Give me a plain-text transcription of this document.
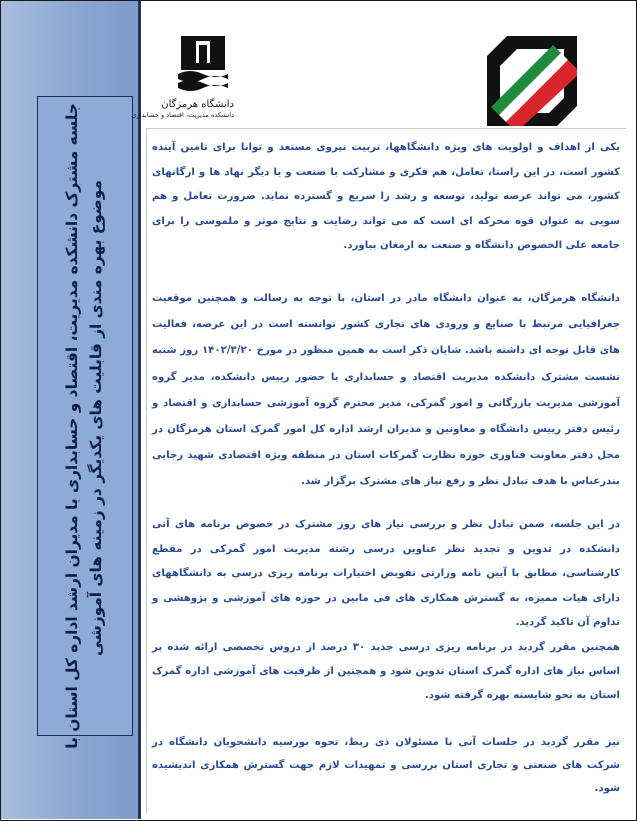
جلسه مشترک دانشکده مدیریت، اقتصاد و حسابداری با مدیران ارشد اداره کل استان با موضوع بهره مندی از قابلیت های یکدیگر در زمینه های آموزشی
دانشگاه هرمزگان
دانشکده مدیریت، اقتصاد و حسابداری

یکی از اهداف و اولویت های ویژه دانشگاهها، تربیت نیروی مستعد و توانا برای تامین آینده کشور است، در این راستا، تعامل، هم فکری و مشارکت با صنعت و یا دیگر نهاد ها و ارگانهای کشور، می تواند عرصه تولید، توسعه و رشد را سریع و گسترده نماید. ضرورت تعامل و هم سویی به عنوان قوه محرکه ای است که می تواند رضایت و نتایج موثر و ملموسی را برای جامعه علی الخصوص دانشگاه و صنعت به ارمغان بیاورد.

دانشگاه هرمزگان، به عنوان دانشگاه مادر در استان، با توجه به رسالت و همچنین موقعیت جغرافیایی مرتبط با صنایع و ورودی های تجاری کشور توانسته است در این عرصه، فعالیت های قابل توجه ای داشته باشد. شایان ذکر است به همین منظور در مورخ ۱۴۰۲/۳/۲۰ روز شنبه نشست مشترک دانشکده مدیریت اقتصاد و حسابداری با حضور رییس دانشکده، مدیر گروه آموزشی مدیریت بازرگانی و امور گمرکی، مدیر محترم گروه آموزشی حسابداری و اقتصاد و رئیس دفتر رییس دانشگاه و معاونین و مدیران ارشد اداره کل امور گمرک استان هرمزگان در محل دفتر معاونت فناوری حوزه نظارت گمرکات استان در منطقه ویژه اقتصادی شهید رجایی بندرعباس با هدف تبادل نظر و رفع نیاز های مشترک برگزار شد.

در این جلسه، ضمن تبادل نظر و بررسی نیاز های روز مشترک در خصوص برنامه های آتی دانشکده در تدوین و تجدید نظر عناوین درسی رشته مدیریت امور گمرکی در مقطع کارشناسی، مطابق با آیین نامه وزارتی تفویض اختیارات برنامه ریزی درسی به دانشگاههای دارای هیات ممیزه، به گسترش همکاری های فی مابین در حوزه های آموزشی و پژوهشی و تداوم آن تاکید گردید.

همچنین مقرر گردید در برنامه ریزی درسی جدید ۳۰ درصد از دروس تخصصی ارائه شده بر اساس نیاز های اداره گمرک استان تدوین شود و همچنین از ظرفیت های آموزشی اداره گمرک استان به نحو شایسته بهره گرفته شود.

نیز مقرر گردید در جلسات آتی با مسئولان ذی ربط، نحوه بورسیه دانشجویان دانشگاه در شرکت های صنعتی و تجاری استان بررسی و تمهیدات لازم جهت گسترش همکاری اندیشیده شود.
